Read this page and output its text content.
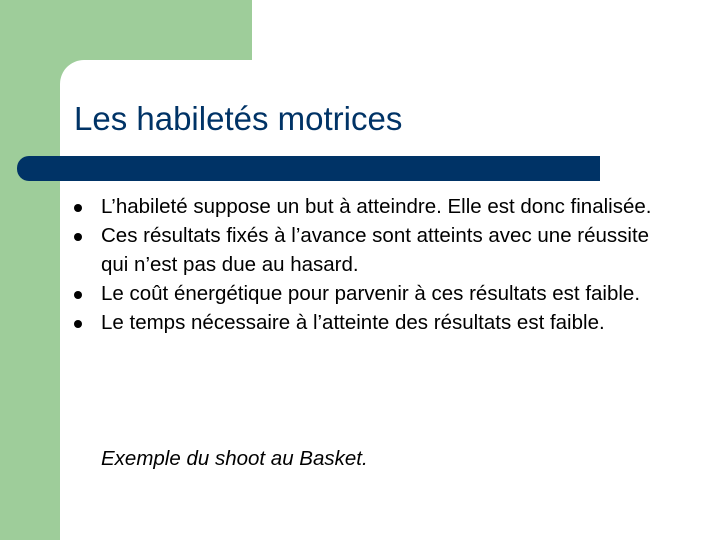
Les habiletés motrices
L’habileté suppose un but à atteindre. Elle est donc finalisée.
Ces résultats fixés à l’avance sont atteints avec une réussite qui n’est pas due au hasard.
Le coût énergétique pour parvenir à ces résultats est faible.
Le temps nécessaire à l’atteinte des résultats est faible.
Exemple du shoot au Basket.
